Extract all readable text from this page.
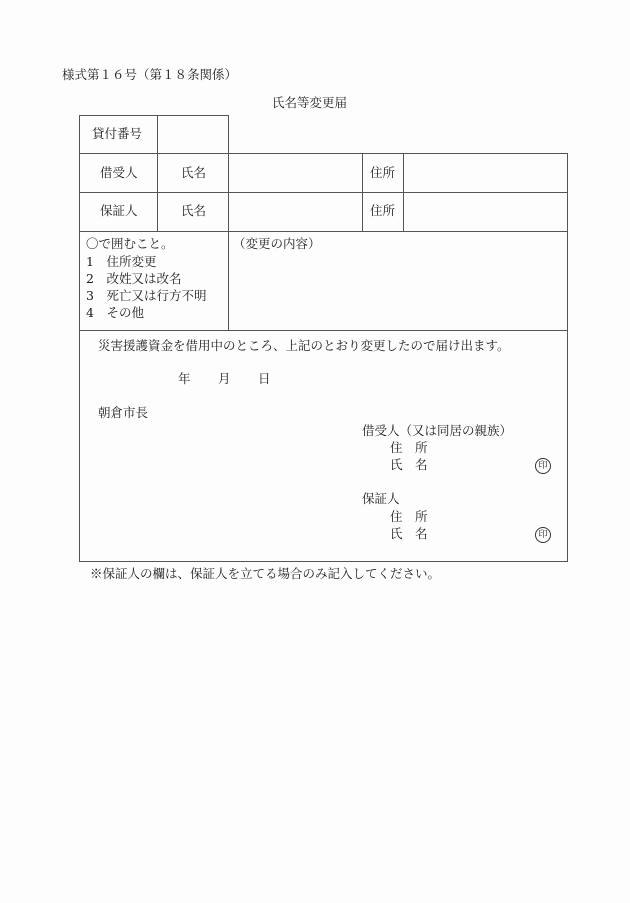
様式第１６号（第１８条関係）
氏名等変更届
貸付番号
借受人	氏名	住所
保証人	氏名	住所
〇で囲むこと。
1　住所変更
2　改姓又は改名
3　死亡又は行方不明
4　その他
（変更の内容）
災害援護資金を借用中のところ、上記のとおり変更したので届け出ます。
年 月 日
朝倉市長
借受人（又は同居の親族）
住　所
氏　名	印
保証人
住　所
氏　名	印
※保証人の欄は、保証人を立てる場合のみ記入してください。
